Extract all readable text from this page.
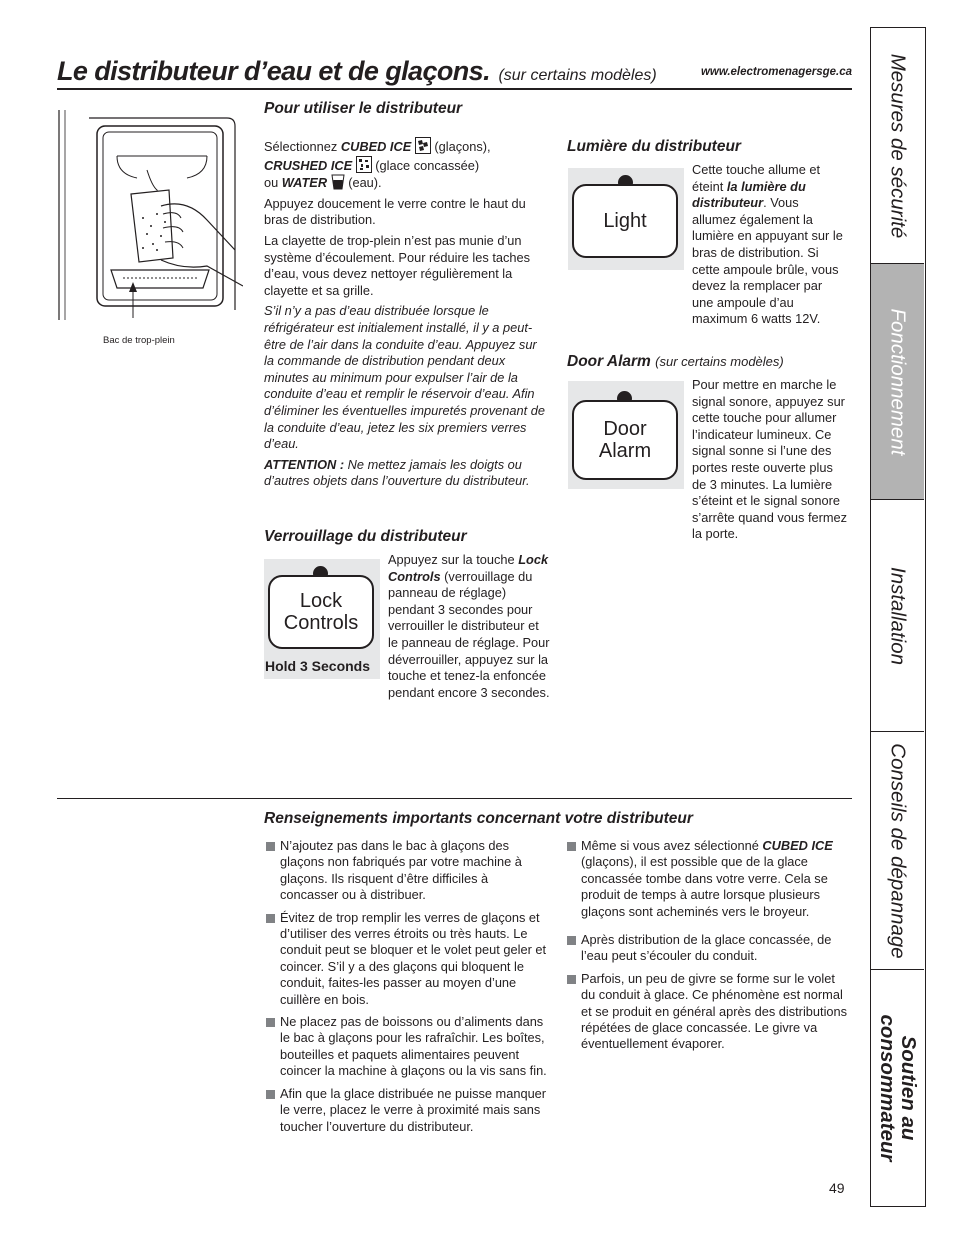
Le distributeur d’eau et de glaçons. (sur certains modèles)	www.electromenagersge.ca Mesures de sécurité
Fonctionnement
Installation
Conseils de dépannage
Soutien au
consommateur
Bac de trop-plein
Pour utiliser le distributeur

Sélectionnez CUBED ICE (glaçons),
CRUSHED ICE (glace concassée)
ou WATER (eau).

Appuyez doucement le verre contre le haut du bras de distribution.

La clayette de trop-plein n’est pas munie d’un système d’écoulement. Pour réduire les taches d’eau, vous devez nettoyer régulièrement la clayette et sa grille.

S’il n’y a pas d’eau distribuée lorsque le réfrigérateur est initialement installé, il y a peut-être de l’air dans la conduite d’eau. Appuyez sur la commande de distribution pendant deux minutes au minimum pour expulser l’air de la conduite d’eau et remplir le réservoir d’eau. Afin d’éliminer les éventuelles impuretés provenant de la conduite d’eau, jetez les six premiers verres d’eau.

ATTENTION : Ne mettez jamais les doigts ou d’autres objets dans l’ouverture du distributeur.

Verrouillage du distributeur
Lock
Controls
Hold 3 Seconds
Appuyez sur la touche Lock Controls (verrouillage du panneau de réglage) pendant 3 secondes pour verrouiller le distributeur et le panneau de réglage. Pour déverrouiller, appuyez sur la touche et tenez-la enfoncée pendant encore 3 secondes.
Lumière du distributeur
Light
Cette touche allume et éteint la lumière du distributeur. Vous allumez également la lumière en appuyant sur le bras de distribution. Si cette ampoule brûle, vous devez la remplacer par une ampoule d’au maximum 6 watts 12V.
Door Alarm (sur certains modèles)
Door
Alarm
Pour mettre en marche le signal sonore, appuyez sur cette touche pour allumer l’indicateur lumineux. Ce signal sonne si l’une des portes reste ouverte plus de 3 minutes. La lumière s’éteint et le signal sonore s’arrête quand vous fermez la porte.
Renseignements importants concernant votre distributeur
N’ajoutez pas dans le bac à glaçons des glaçons non fabriqués par votre machine à glaçons. Ils risquent d’être difficiles à concasser ou à distribuer.
Évitez de trop remplir les verres de glaçons et d’utiliser des verres étroits ou très hauts. Le conduit peut se bloquer et le volet peut geler et coincer. S’il y a des glaçons qui bloquent le conduit, faites-les passer au moyen d’une cuillère en bois.
Ne placez pas de boissons ou d’aliments dans le bac à glaçons pour les rafraîchir. Les boîtes, bouteilles et paquets alimentaires peuvent coincer la machine à glaçons ou la vis sans fin.
Afin que la glace distribuée ne puisse manquer le verre, placez le verre à proximité mais sans toucher l’ouverture du distributeur.
Même si vous avez sélectionné CUBED ICE (glaçons), il est possible que de la glace concassée tombe dans votre verre. Cela se produit de temps à autre lorsque plusieurs glaçons sont acheminés vers le broyeur.
Après distribution de la glace concassée, de l’eau peut s’écouler du conduit.
Parfois, un peu de givre se forme sur le volet du conduit à glace. Ce phénomène est normal et se produit en général après des distributions répétées de glace concassée. Le givre va éventuellement évaporer.
49
